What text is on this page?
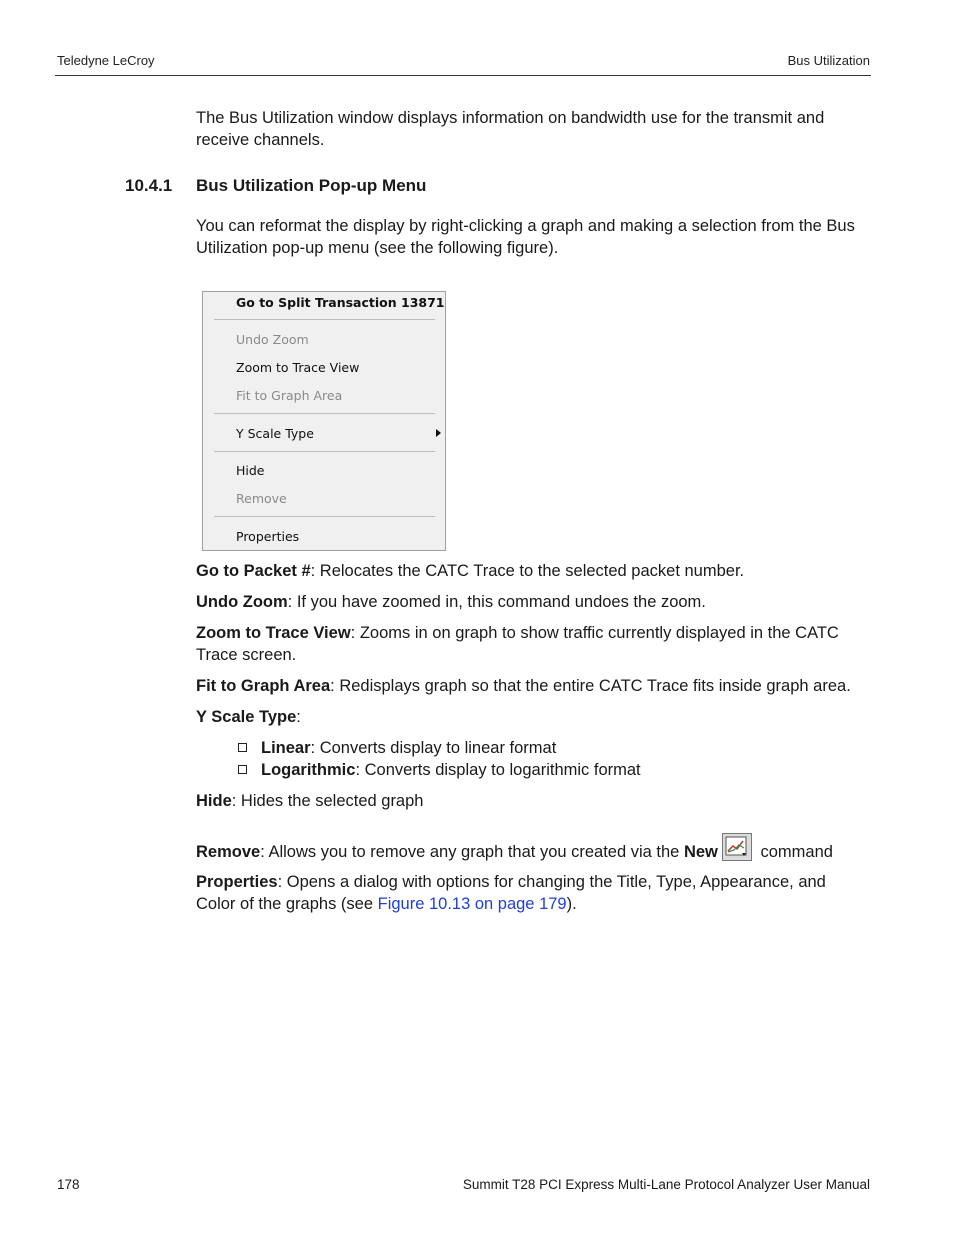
Teledyne LeCroy	Bus Utilization
The Bus Utilization window displays information on bandwidth use for the transmit and receive channels.
10.4.1 Bus Utilization Pop-up Menu
You can reformat the display by right-clicking a graph and making a selection from the Bus Utilization pop-up menu (see the following figure).
Go to Split Transaction 13871
Undo Zoom
Zoom to Trace View
Fit to Graph Area
Y Scale Type
Hide
Remove
Properties
Go to Packet #: Relocates the CATC Trace to the selected packet number.
Undo Zoom: If you have zoomed in, this command undoes the zoom.
Zoom to Trace View: Zooms in on graph to show traffic currently displayed in the CATC Trace screen.
Fit to Graph Area: Redisplays graph so that the entire CATC Trace fits inside graph area.
Y Scale Type:
Linear: Converts display to linear format
Logarithmic: Converts display to logarithmic format
Hide: Hides the selected graph
Remove: Allows you to remove any graph that you created via the New
command
Properties: Opens a dialog with options for changing the Title, Type, Appearance, and Color of the graphs (see Figure 10.13 on page 179).
178	Summit T28 PCI Express Multi-Lane Protocol Analyzer User Manual
